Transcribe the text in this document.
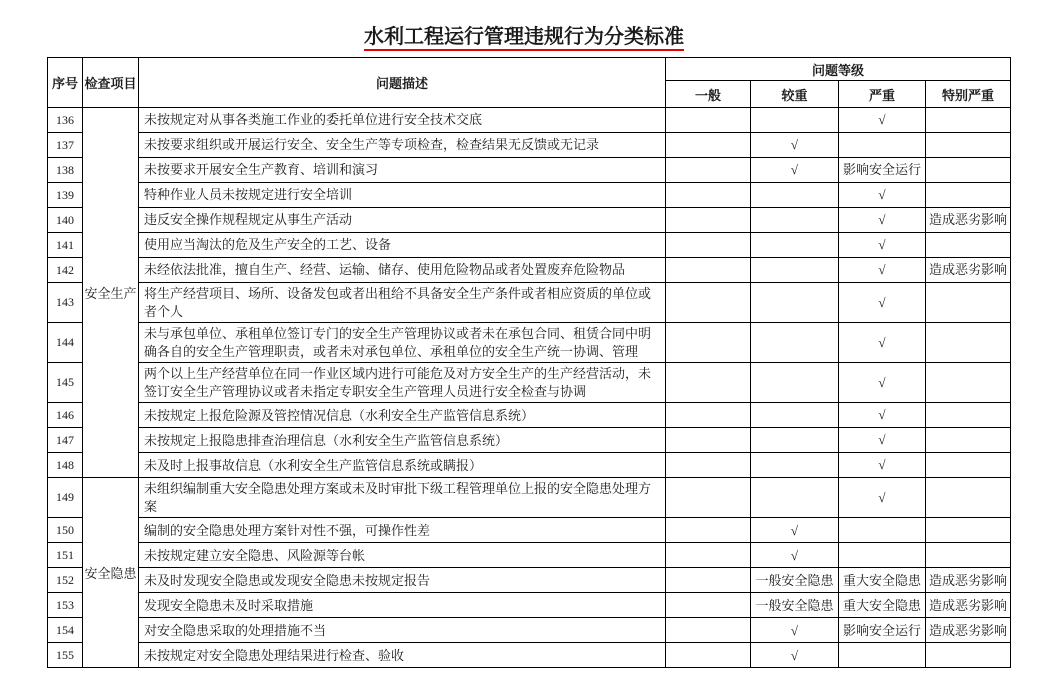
水利工程运行管理违规行为分类标准
序号	检查项目	问题描述	问题等级			
			一般	较重	严重	特别严重
136	安全生产	未按规定对从事各类施工作业的委托单位进行安全技术交底			√	
137		未按要求组织或开展运行安全、安全生产等专项检查，检查结果无反馈或无记录		√		
138		未按要求开展安全生产教育、培训和演习		√	影响安全运行	
139		特种作业人员未按规定进行安全培训			√	
140		违反安全操作规程规定从事生产活动			√	造成恶劣影响
141		使用应当淘汰的危及生产安全的工艺、设备			√	
142		未经依法批准，擅自生产、经营、运输、储存、使用危险物品或者处置废弃危险物品			√	造成恶劣影响
143		将生产经营项目、场所、设备发包或者出租给不具备安全生产条件或者相应资质的单位或者个人			√	
144		未与承包单位、承租单位签订专门的安全生产管理协议或者未在承包合同、租赁合同中明确各自的安全生产管理职责，或者未对承包单位、承租单位的安全生产统一协调、管理			√	
145		两个以上生产经营单位在同一作业区域内进行可能危及对方安全生产的生产经营活动，未签订安全生产管理协议或者未指定专职安全生产管理人员进行安全检查与协调			√	
146		未按规定上报危险源及管控情况信息（水利安全生产监管信息系统）			√	
147		未按规定上报隐患排查治理信息（水利安全生产监管信息系统）			√	
148		未及时上报事故信息（水利安全生产监管信息系统或瞒报）			√	
149	安全隐患	未组织编制重大安全隐患处理方案或未及时审批下级工程管理单位上报的安全隐患处理方案			√	
150		编制的安全隐患处理方案针对性不强，可操作性差		√		
151		未按规定建立安全隐患、风险源等台帐		√		
152		未及时发现安全隐患或发现安全隐患未按规定报告		一般安全隐患	重大安全隐患	造成恶劣影响
153		发现安全隐患未及时采取措施		一般安全隐患	重大安全隐患	造成恶劣影响
154		对安全隐患采取的处理措施不当		√	影响安全运行	造成恶劣影响
155		未按规定对安全隐患处理结果进行检查、验收		√		
